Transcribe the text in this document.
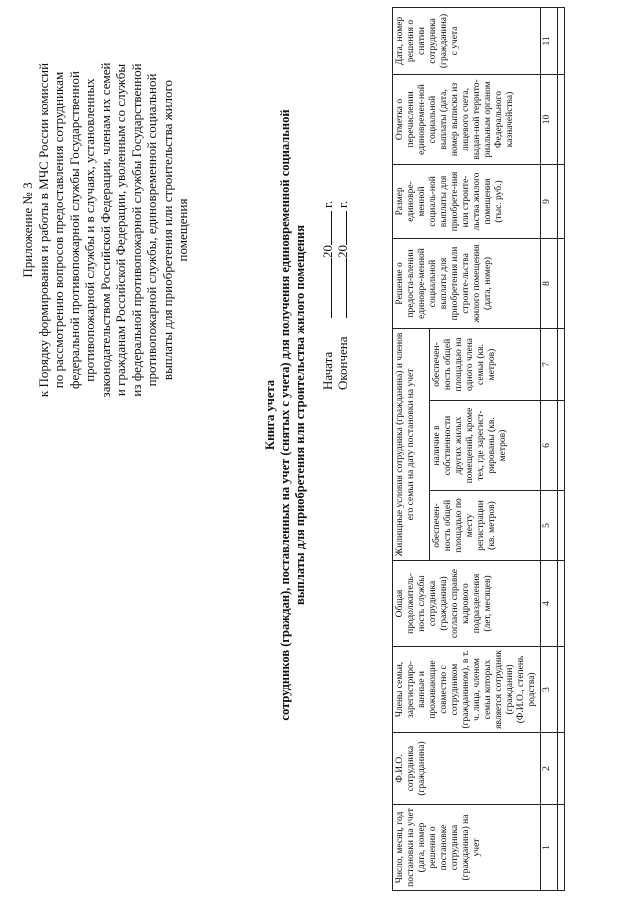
Приложение № 3 к Порядку формирования и работы в МЧС России комиссий по рассмотрению вопросов предоставления сотрудникам федеральной противопожарной службы Государственной противопожарной службы и в случаях, установленных законодательством Российской Федерации, членам их семей и гражданам Российской Федерации, уволенным со службы из федеральной противопожарной службы Государственной противопожарной службы, единовременной социальной выплаты для приобретения или строительства жилого помещения
Книга учета сотрудников (граждан), поставленных на учет (снятых с учета) для получения единовременной социальной выплаты для приобретения или строительства жилого помещения Начата
20
г.
Окончена
20
г.
Число, месяц, год постановки на учет (дата, номер решения о постановке сотрудника (гражданина) на учет	Ф.И.О. сотрудника (гражданина)	Члены семьи, зарегистриро-ванные и проживающие совместно с сотрудником (гражданином), в т. ч. лица, членом семьи которых является сотрудник (гражданин) (Ф.И.О., степень родства)	Общая продолжитель-ность службы сотрудника (гражданина) согласно справке кадрового подразделения (лет, месяцев)	Жилищные условия сотрудника (гражданина) и членов его семьи на дату постановки на учет			Решение о предоста-влении единовре-менной социальной выплаты для приобретения или строите-льства жилого помещения (дата, номер)	Размер единовре-менной социаль-ной выплаты для приобрете-ния или строите-льства жилого помещения (тыс. руб.)	Отметка о перечислении единовремен-ной социальной выплаты (дата, номер выписки из лицевого счета, выдан-ной террито-риальным органом Федерального казначейства)	Дата, номер решения о снятии сотрудника (гражданина) с учета
				обеспечен-ность общей площадью по месту регистрации (кв. метров)	наличие в собственности других жилых помещений, кроме тех, где зарегист-рированы (кв. метров)	обеспечен-ность общей площадью на одного члена семьи (кв. метров)				
1	2	3	4	5	6	7	8	9	10	11
